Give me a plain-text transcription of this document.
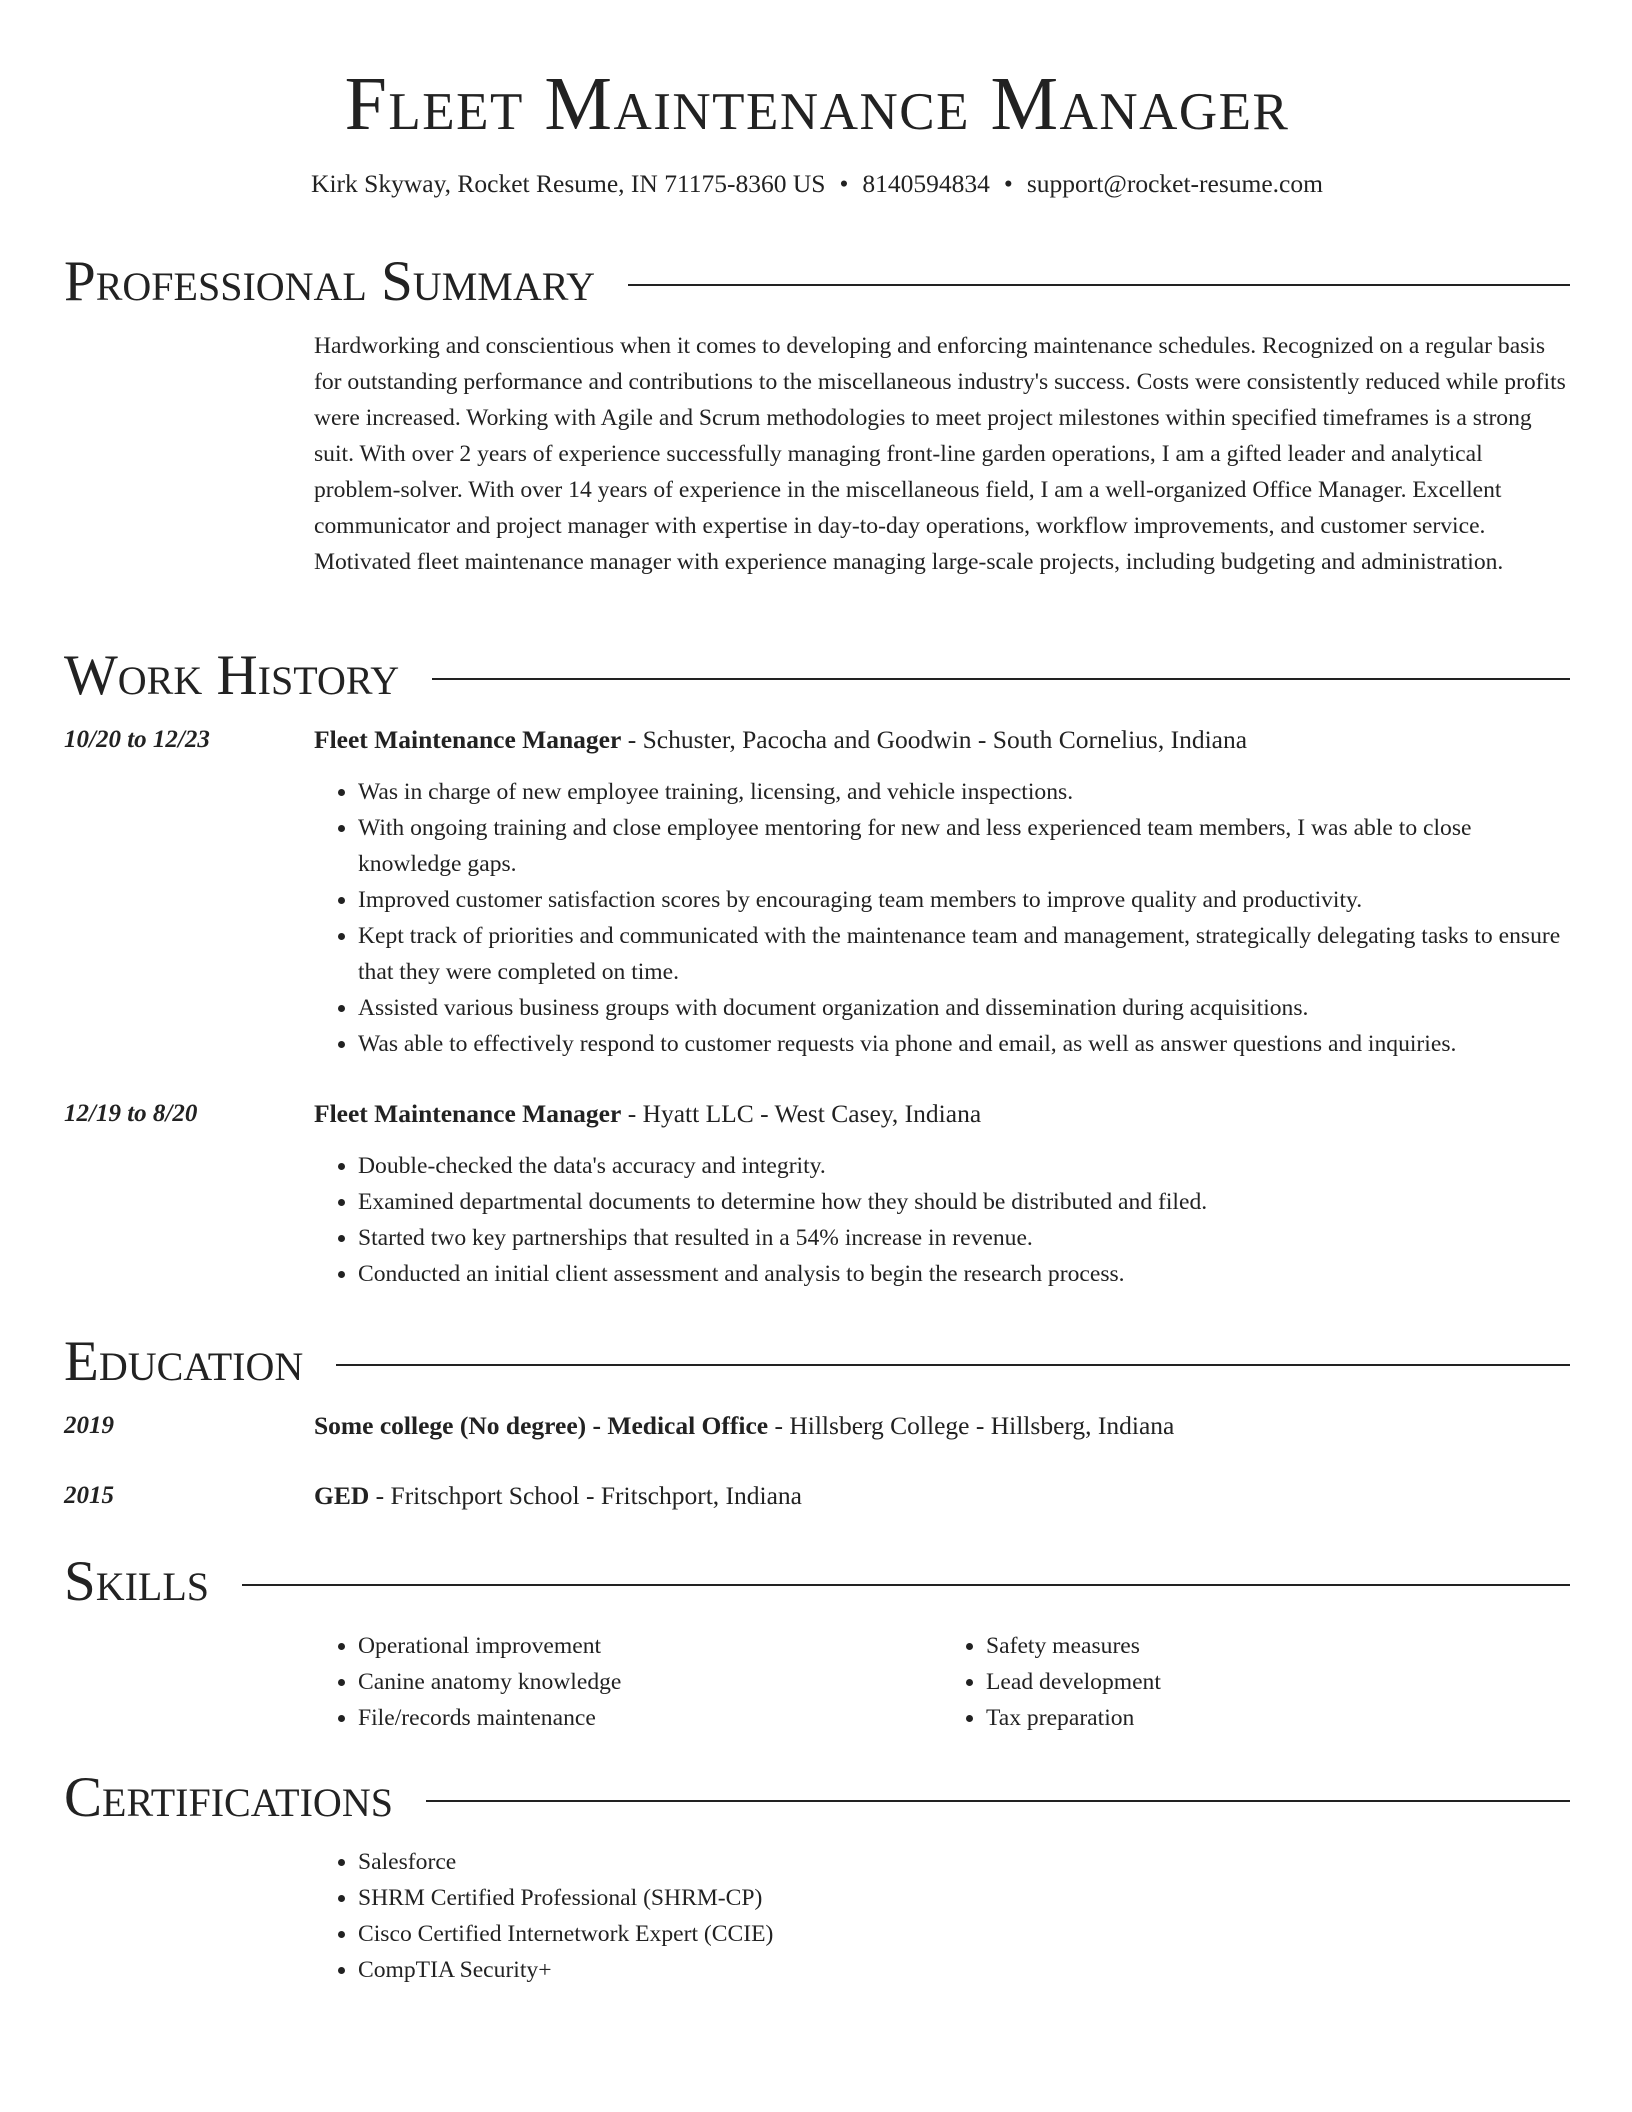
Fleet Maintenance Manager
Kirk Skyway, Rocket Resume, IN 71175-8360 US • 8140594834 • support@rocket-resume.com
Professional Summary
Hardworking and conscientious when it comes to developing and enforcing maintenance schedules. Recognized on a regular basis for outstanding performance and contributions to the miscellaneous industry's success. Costs were consistently reduced while profits were increased. Working with Agile and Scrum methodologies to meet project milestones within specified timeframes is a strong suit. With over 2 years of experience successfully managing front-line garden operations, I am a gifted leader and analytical problem-solver. With over 14 years of experience in the miscellaneous field, I am a well-organized Office Manager. Excellent communicator and project manager with expertise in day-to-day operations, workflow improvements, and customer service. Motivated fleet maintenance manager with experience managing large-scale projects, including budgeting and administration.
Work History
10/20 to 12/23	Fleet Maintenance Manager - Schuster, Pacocha and Goodwin - South Cornelius, Indiana
• Was in charge of new employee training, licensing, and vehicle inspections.
• With ongoing training and close employee mentoring for new and less experienced team members, I was able to close knowledge gaps.
• Improved customer satisfaction scores by encouraging team members to improve quality and productivity.
• Kept track of priorities and communicated with the maintenance team and management, strategically delegating tasks to ensure that they were completed on time.
• Assisted various business groups with document organization and dissemination during acquisitions.
• Was able to effectively respond to customer requests via phone and email, as well as answer questions and inquiries.
12/19 to 8/20	Fleet Maintenance Manager - Hyatt LLC - West Casey, Indiana
• Double-checked the data's accuracy and integrity.
• Examined departmental documents to determine how they should be distributed and filed.
• Started two key partnerships that resulted in a 54% increase in revenue.
• Conducted an initial client assessment and analysis to begin the research process.
Education
2019	Some college (No degree) - Medical Office - Hillsberg College - Hillsberg, Indiana
2015	GED - Fritschport School - Fritschport, Indiana
Skills
• Operational improvement
• Canine anatomy knowledge
• File/records maintenance
• Safety measures
• Lead development
• Tax preparation
Certifications
• Salesforce
• SHRM Certified Professional (SHRM-CP)
• Cisco Certified Internetwork Expert (CCIE)
• CompTIA Security+
